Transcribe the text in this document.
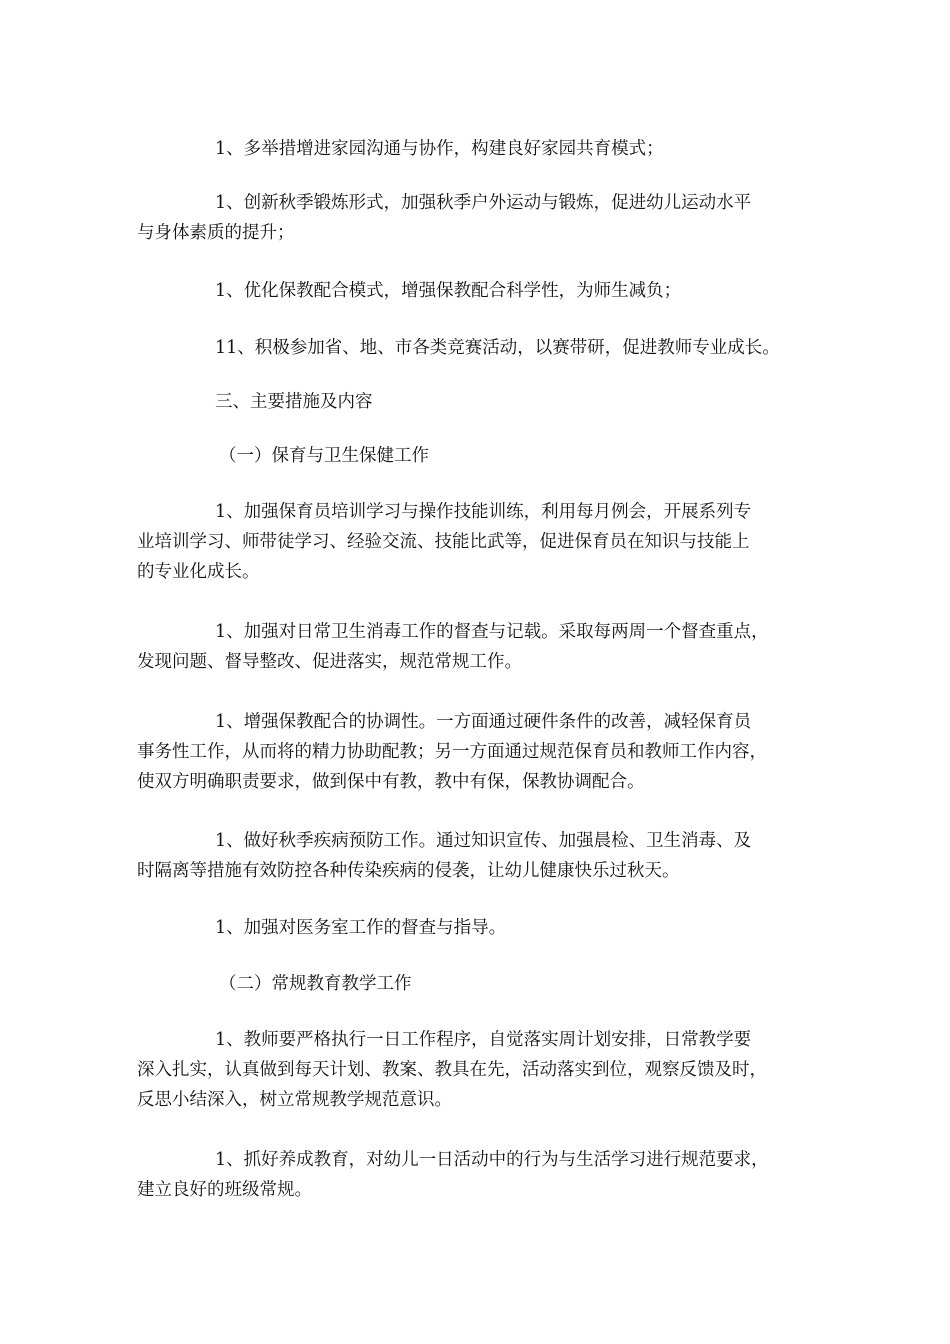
1、多举措增进家园沟通与协作，构建良好家园共育模式；
1、创新秋季锻炼形式，加强秋季户外运动与锻炼，促进幼儿运动水平
与身体素质的提升；
1、优化保教配合模式，增强保教配合科学性，为师生减负；
11、积极参加省、地、市各类竞赛活动，以赛带研，促进教师专业成长。
三、主要措施及内容
（一）保育与卫生保健工作
1、加强保育员培训学习与操作技能训练，利用每月例会，开展系列专
业培训学习、师带徒学习、经验交流、技能比武等，促进保育员在知识与技能上
的专业化成长。
1、加强对日常卫生消毒工作的督查与记载。采取每两周一个督查重点，
发现问题、督导整改、促进落实，规范常规工作。
1、增强保教配合的协调性。一方面通过硬件条件的改善，减轻保育员
事务性工作，从而将的精力协助配教；另一方面通过规范保育员和教师工作内容，
使双方明确职责要求，做到保中有教，教中有保，保教协调配合。
1、做好秋季疾病预防工作。通过知识宣传、加强晨检、卫生消毒、及
时隔离等措施有效防控各种传染疾病的侵袭，让幼儿健康快乐过秋天。
1、加强对医务室工作的督查与指导。
（二）常规教育教学工作
1、教师要严格执行一日工作程序，自觉落实周计划安排，日常教学要
深入扎实，认真做到每天计划、教案、教具在先，活动落实到位，观察反馈及时，
反思小结深入，树立常规教学规范意识。
1、抓好养成教育，对幼儿一日活动中的行为与生活学习进行规范要求，
建立良好的班级常规。
